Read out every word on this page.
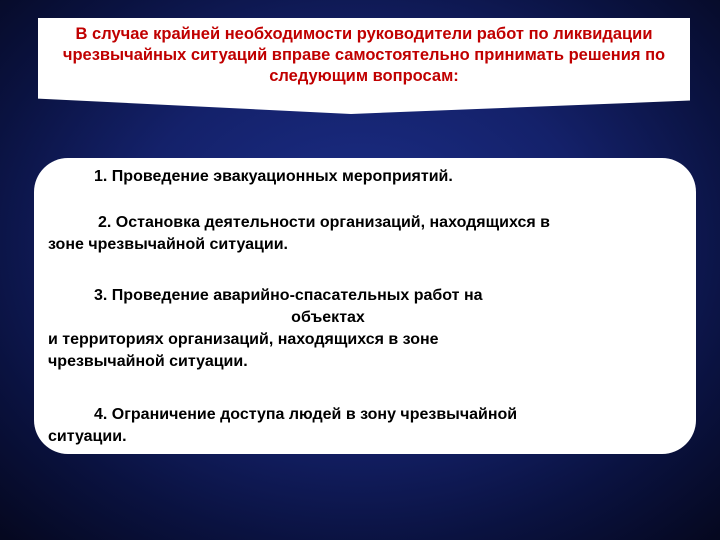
В случае крайней необходимости руководители работ по ликвидации чрезвычайных ситуаций вправе самостоятельно принимать решения по следующим вопросам:

1. Проведение эвакуационных мероприятий.

2. Остановка деятельности организаций, находящихся в
зоне чрезвычайной ситуации.

3. Проведение аварийно-спасательных работ на

объектах
и территориях организаций, находящихся в зоне
чрезвычайной ситуации.

4. Ограничение доступа людей в зону чрезвычайной
ситуации.
